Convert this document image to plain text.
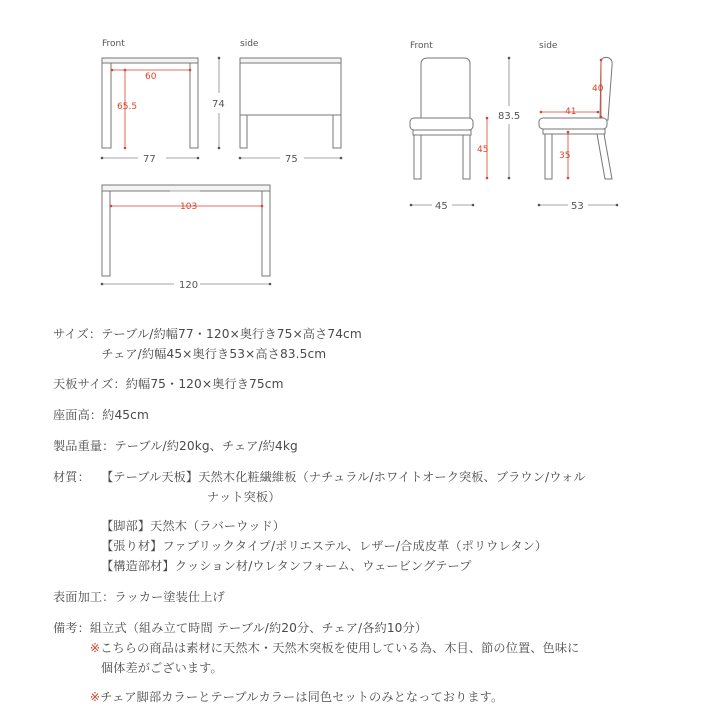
Front
60
65.5
77
74
side
75
103
120
Front
45
83.5
45
side
40
41
35
53
サイズ： テーブル/約幅77・120×奥行き75×高さ74cm
チェア/約幅45×奥行き53×高さ83.5cm
天板サイズ： 約幅75・120×奥行き75cm
座面高： 約45cm
製品重量： テーブル/約20kg、チェア/約4kg
材質： 【テーブル天板】天然木化粧繊維板（ナチュラル/ホワイトオーク突板、ブラウン/ウォル
ナット突板）
【脚部】天然木（ラバーウッド）
【張り材】ファブリックタイプ/ポリエステル、レザー/合成皮革（ポリウレタン）
【構造部材】クッション材/ウレタンフォーム、ウェービングテープ
表面加工： ラッカー塗装仕上げ
備考： 組立式（組み立て時間 テーブル/約20分、チェア/各約10分）
※こちらの商品は素材に天然木・天然木突板を使用している為、木目、節の位置、色味に
個体差がございます。
※チェア脚部カラーとテーブルカラーは同色セットのみとなっております。
